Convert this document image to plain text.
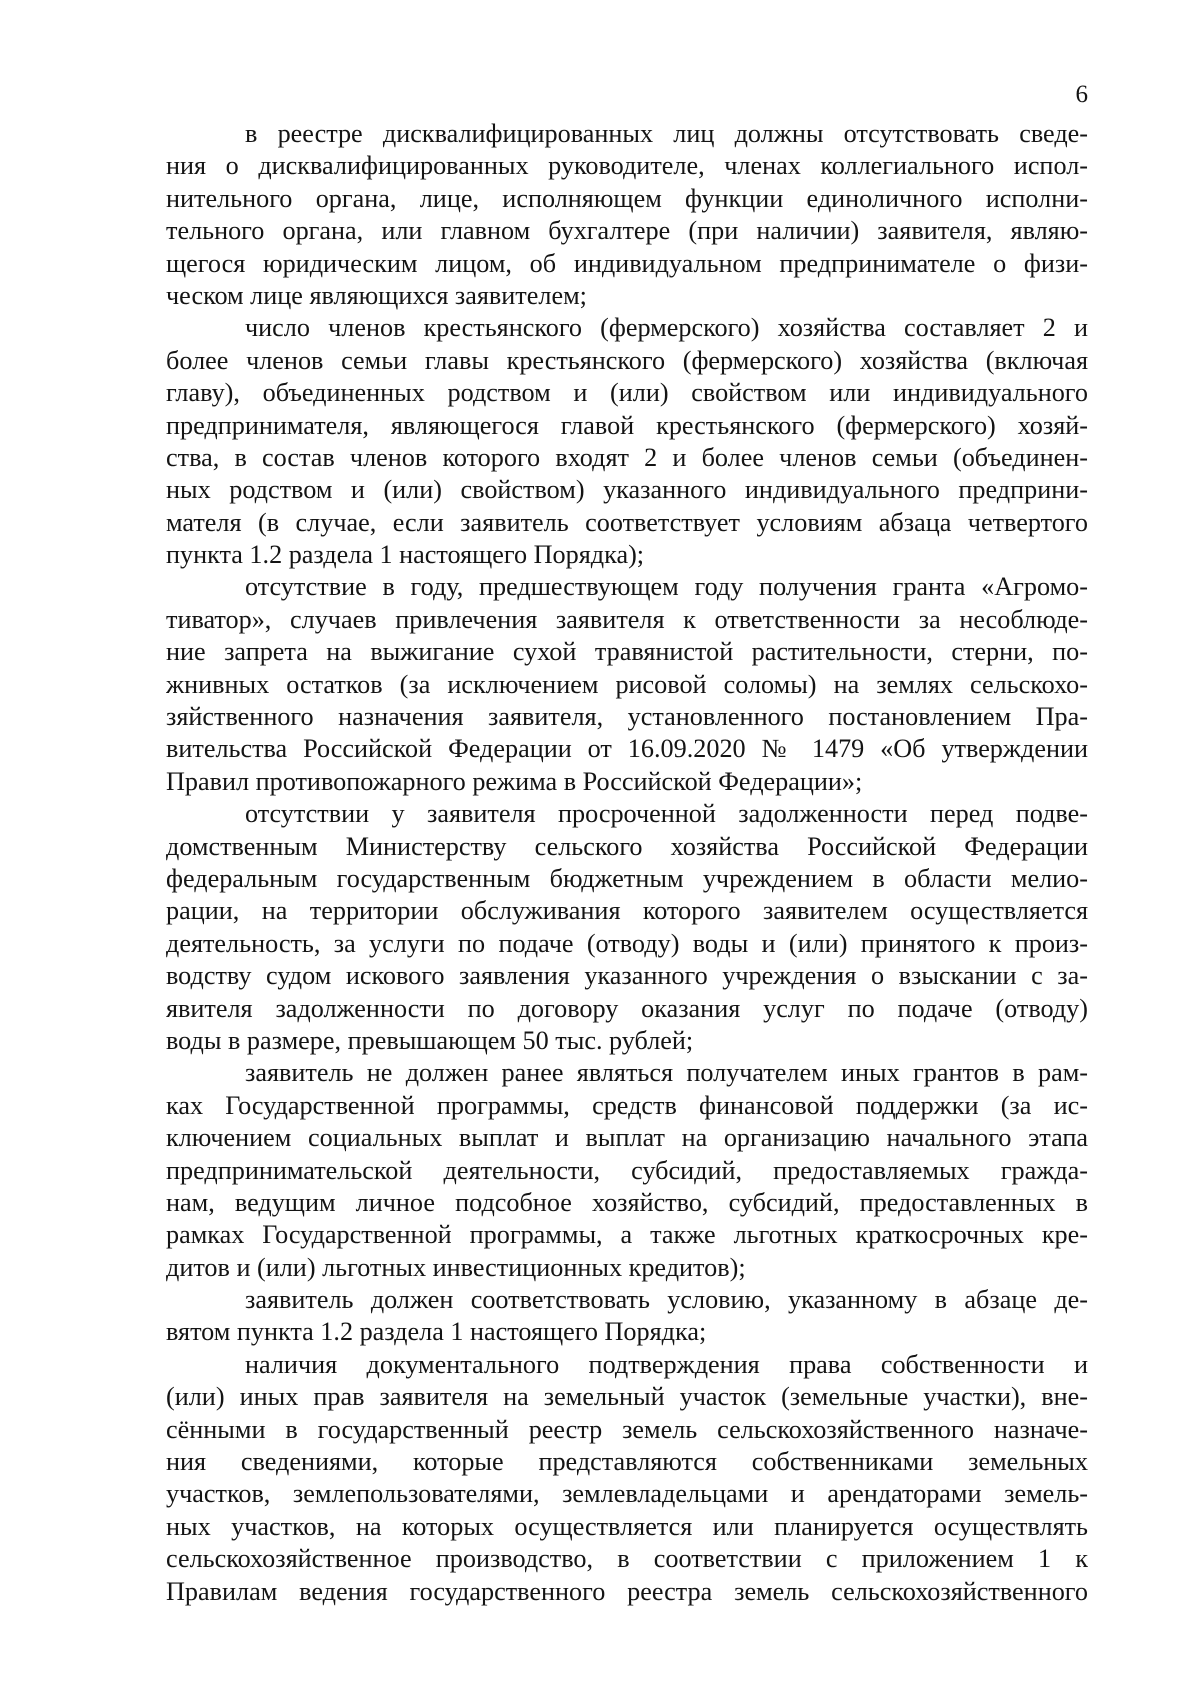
6
в реестре дисквалифицированных лиц должны отсутствовать сведе-
ния о дисквалифицированных руководителе, членах коллегиального испол-
нительного органа, лице, исполняющем функции единоличного исполни-
тельного органа, или главном бухгалтере (при наличии) заявителя, являю-
щегося юридическим лицом, об индивидуальном предпринимателе о физи-
ческом лице являющихся заявителем;
число членов крестьянского (фермерского) хозяйства составляет 2 и
более членов семьи главы крестьянского (фермерского) хозяйства (включая
главу), объединенных родством и (или) свойством или индивидуального
предпринимателя, являющегося главой крестьянского (фермерского) хозяй-
ства, в состав членов которого входят 2 и более членов семьи (объединен-
ных родством и (или) свойством) указанного индивидуального предприни-
мателя (в случае, если заявитель соответствует условиям абзаца четвертого
пункта 1.2 раздела 1 настоящего Порядка);
отсутствие в году, предшествующем году получения гранта «Агромо-
тиватор», случаев привлечения заявителя к ответственности за несоблюде-
ние запрета на выжигание сухой травянистой растительности, стерни, по-
жнивных остатков (за исключением рисовой соломы) на землях сельскохо-
зяйственного назначения заявителя, установленного постановлением Пра-
вительства Российской Федерации от 16.09.2020 № 1479 «Об утверждении
Правил противопожарного режима в Российской Федерации»;
отсутствии у заявителя просроченной задолженности перед подве-
домственным Министерству сельского хозяйства Российской Федерации
федеральным государственным бюджетным учреждением в области мелио-
рации, на территории обслуживания которого заявителем осуществляется
деятельность, за услуги по подаче (отводу) воды и (или) принятого к произ-
водству судом искового заявления указанного учреждения о взыскании с за-
явителя задолженности по договору оказания услуг по подаче (отводу)
воды в размере, превышающем 50 тыс. рублей;
заявитель не должен ранее являться получателем иных грантов в рам-
ках Государственной программы, средств финансовой поддержки (за ис-
ключением социальных выплат и выплат на организацию начального этапа
предпринимательской деятельности, субсидий, предоставляемых гражда-
нам, ведущим личное подсобное хозяйство, субсидий, предоставленных в
рамках Государственной программы, а также льготных краткосрочных кре-
дитов и (или) льготных инвестиционных кредитов);
заявитель должен соответствовать условию, указанному в абзаце де-
вятом пункта 1.2 раздела 1 настоящего Порядка;
наличия документального подтверждения права собственности и
(или) иных прав заявителя на земельный участок (земельные участки), вне-
сёнными в государственный реестр земель сельскохозяйственного назначе-
ния сведениями, которые представляются собственниками земельных
участков, землепользователями, землевладельцами и арендаторами земель-
ных участков, на которых осуществляется или планируется осуществлять
сельскохозяйственное производство, в соответствии с приложением 1 к
Правилам ведения государственного реестра земель сельскохозяйственного
